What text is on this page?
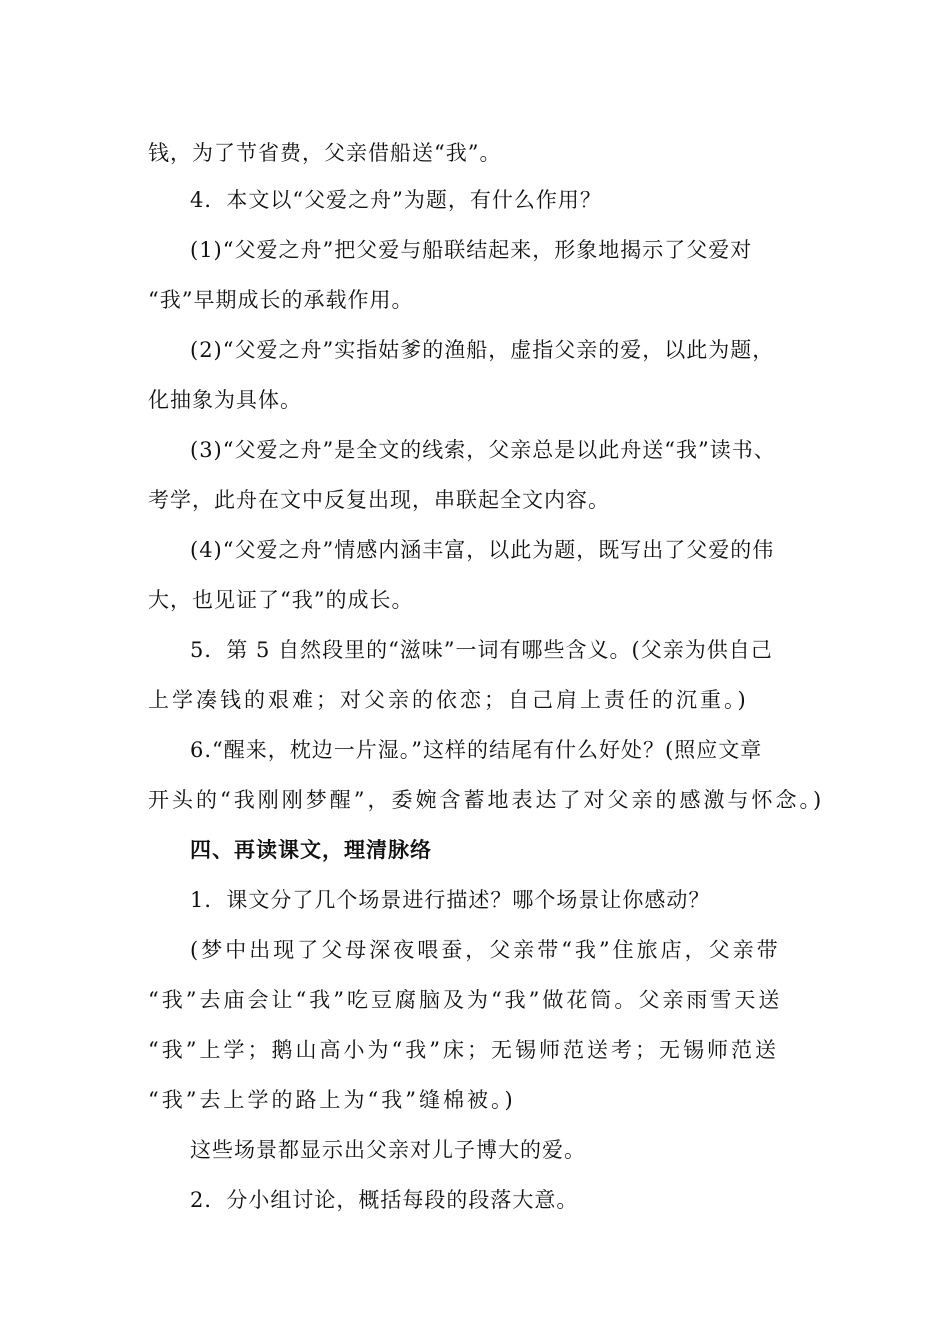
钱，为了节省费，父亲借船送“我”。
4．本文以“父爱之舟”为题，有什么作用？
(1)“父爱之舟”把父爱与船联结起来，形象地揭示了父爱对
“我”早期成长的承载作用。
(2)“父爱之舟”实指姑爹的渔船，虚指父亲的爱，以此为题，
化抽象为具体。
(3)“父爱之舟”是全文的线索，父亲总是以此舟送“我”读书、
考学，此舟在文中反复出现，串联起全文内容。
(4)“父爱之舟”情感内涵丰富，以此为题，既写出了父爱的伟
大，也见证了“我”的成长。
5．第 5 自然段里的“滋味”一词有哪些含义。(父亲为供自己
上学凑钱的艰难；对父亲的依恋；自己肩上责任的沉重。)
6.“醒来，枕边一片湿。”这样的结尾有什么好处？(照应文章
开头的“我刚刚梦醒”，委婉含蓄地表达了对父亲的感激与怀念。)
四、再读课文，理清脉络
1．课文分了几个场景进行描述？哪个场景让你感动？
(梦中出现了父母深夜喂蚕，父亲带“我”住旅店，父亲带
“我”去庙会让“我”吃豆腐脑及为“我”做花筒。父亲雨雪天送
“我”上学；鹅山高小为“我”床；无锡师范送考；无锡师范送
“我”去上学的路上为“我”缝棉被。)
这些场景都显示出父亲对儿子博大的爱。
2．分小组讨论，概括每段的段落大意。
